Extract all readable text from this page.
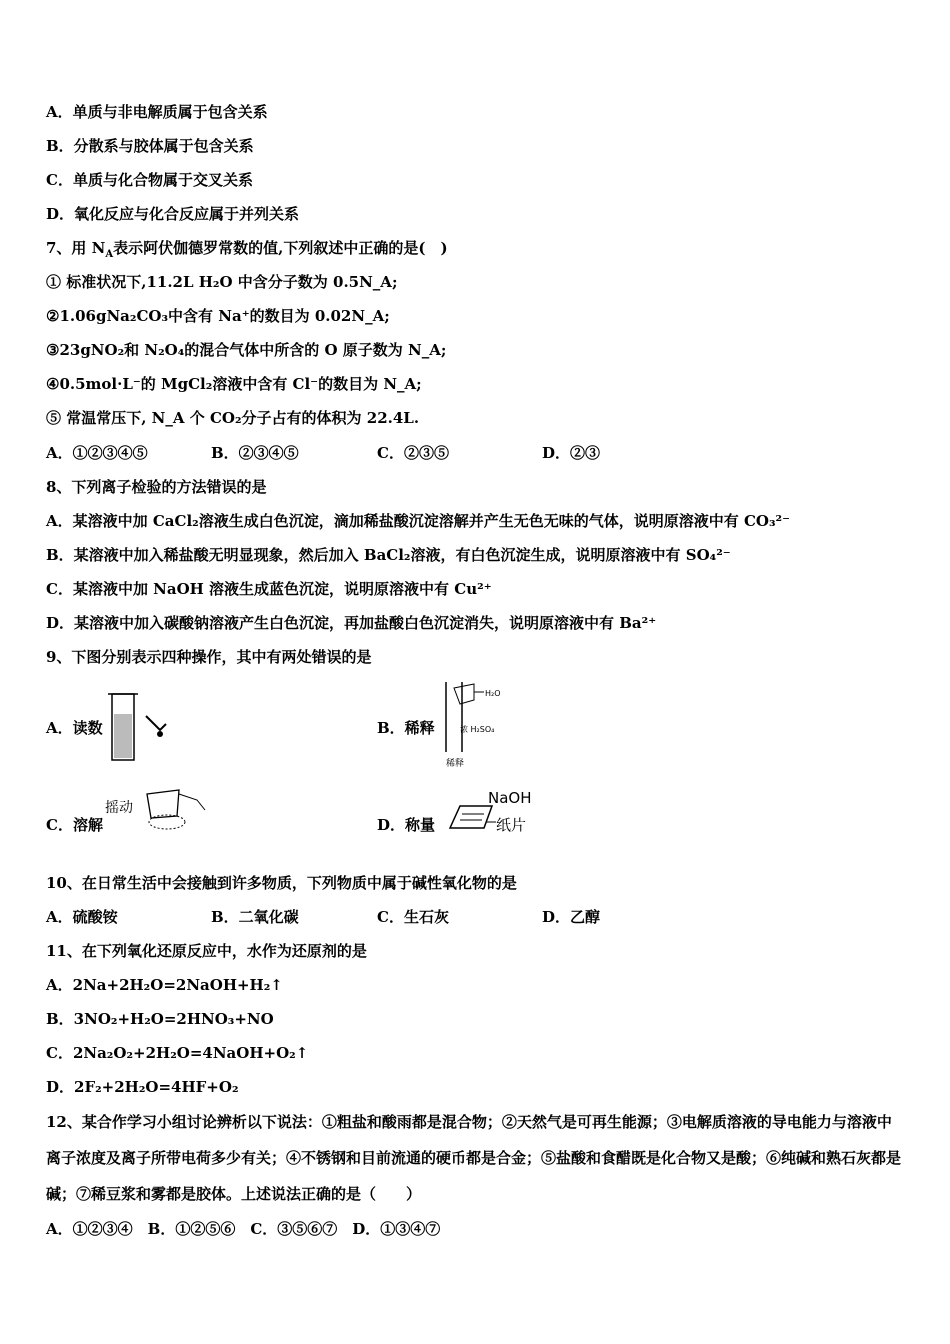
A．单质与非电解质属于包含关系
B．分散系与胶体属于包含关系
C．单质与化合物属于交叉关系
D．氧化反应与化合反应属于并列关系
7、用 $N_A$表示阿伏伽德罗常数的值,下列叙述中正确的是(　)
① 标准状况下,11.2L H₂O 中含分子数为 0.5N_A;
②1.06gNa₂CO₃中含有 Na⁺的数目为 0.02N_A;
③23gNO₂和 N₂O₄的混合气体中所含的 O 原子数为 N_A;
④0.5mol·L⁻的 MgCl₂溶液中含有 Cl⁻的数目为 N_A;
⑤ 常温常压下, N_A 个 CO₂分子占有的体积为 22.4L.
A．①②③④⑤	B．②③④⑤	C．②③⑤	D．②③
8、下列离子检验的方法错误的是
A．某溶液中加 CaCl₂溶液生成白色沉淀，滴加稀盐酸沉淀溶解并产生无色无味的气体，说明原溶液中有 CO₃²⁻
B．某溶液中加入稀盐酸无明显现象，然后加入 BaCl₂溶液，有白色沉淀生成，说明原溶液中有 SO₄²⁻
C．某溶液中加 NaOH 溶液生成蓝色沉淀，说明原溶液中有 Cu²⁺
D．某溶液中加入碳酸钠溶液产生白色沉淀，再加盐酸白色沉淀消失，说明原溶液中有 Ba²⁺
9、下图分别表示四种操作，其中有两处错误的是
A．读数	B．稀释
H₂O
浓 H₂SO₄
稀释
C．溶解
摇动
D．称量
NaOH
纸片
10、在日常生活中会接触到许多物质，下列物质中属于碱性氧化物的是
A．硫酸铵	B．二氧化碳	C．生石灰	D．乙醇
11、在下列氧化还原反应中，水作为还原剂的是
A．2Na+2H₂O=2NaOH+H₂↑
B．3NO₂+H₂O=2HNO₃+NO
C．2Na₂O₂+2H₂O=4NaOH+O₂↑
D．2F₂+2H₂O=4HF+O₂
12、某合作学习小组讨论辨析以下说法：①粗盐和酸雨都是混合物；②天然气是可再生能源；③电解质溶液的导电能力与溶液中离子浓度及离子所带电荷多少有关；④不锈钢和目前流通的硬币都是合金；⑤盐酸和食醋既是化合物又是酸；⑥纯碱和熟石灰都是碱；⑦稀豆浆和雾都是胶体。上述说法正确的是（　　）
A．①②③④　B．①②⑤⑥　C．③⑤⑥⑦　D．①③④⑦
